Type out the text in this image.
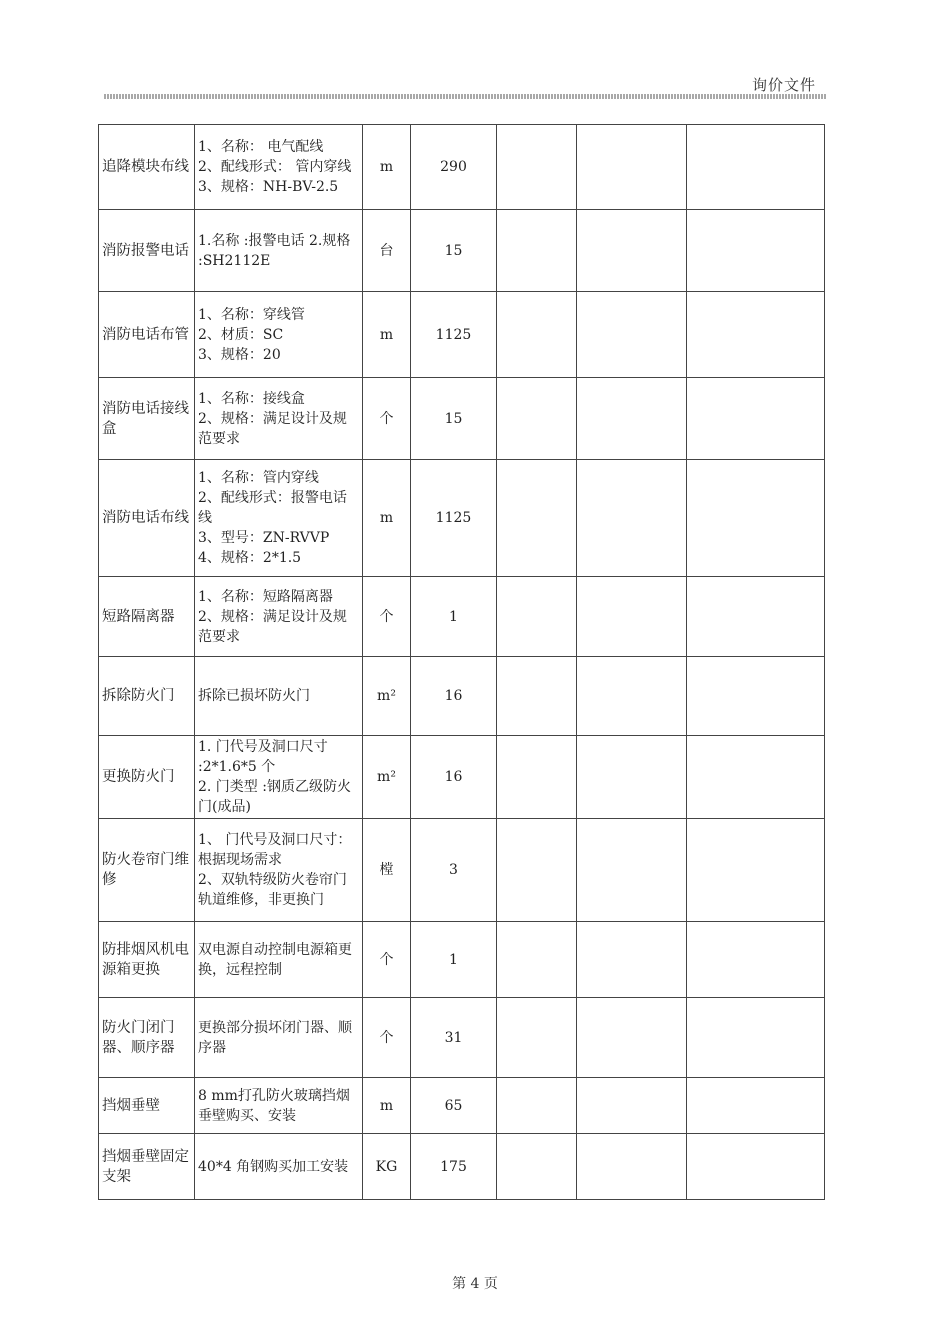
询价文件
追降模块布线	1、名称： 电气配线
2、配线形式： 管内穿线
3、规格：NH-BV-2.5	m	290			
消防报警电话	1.名称 :报警电话 2.规格 :SH2112E	台	15			
消防电话布管	1、名称：穿线管
2、材质：SC
3、规格：20	m	1125			
消防电话接线盒	1、名称：接线盒
2、规格：满足设计及规范要求	个	15			
消防电话布线	1、名称：管内穿线
2、配线形式：报警电话线
3、型号：ZN-RVVP
4、规格：2*1.5	m	1125			
短路隔离器	1、名称：短路隔离器
2、规格：满足设计及规范要求	个	1			
拆除防火门	拆除已损坏防火门	m²	16			
更换防火门	1. 门代号及洞口尺寸 :2*1.6*5 个
2. 门类型 :钢质乙级防火门(成品)	m²	16			
防火卷帘门维修	1、 门代号及洞口尺寸：根据现场需求
2、双轨特级防火卷帘门轨道维修，非更换门	樘	3			
防排烟风机电源箱更换	双电源自动控制电源箱更换，远程控制	个	1			
防火门闭门器、顺序器	更换部分损坏闭门器、顺序器	个	31			
挡烟垂壁	8 mm打孔防火玻璃挡烟垂壁购买、安装	m	65			
挡烟垂壁固定支架	40*4 角钢购买加工安装	KG	175			
第 4 页
